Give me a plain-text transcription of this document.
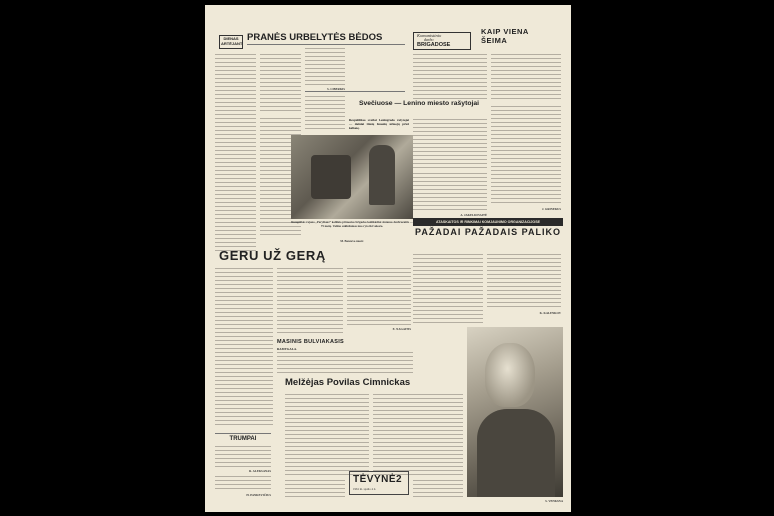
DIENAS ARTĖJANT PRANĖS URBELYTĖS BĖDOS
S. CIBERKIS
Komunistinio
darbo
BRIGADOSE
KAIP VIENA ŠEIMA
J. GRINEKUS
Svečiuose — Lenino miesto rašytojai
Respublikos svečiai Leningrado rašytojai — dainiai šimtų žmonių užmojų prieš kelionę.
A. JAKELIONAITĖ
Rumpiškės rajono „Paryžiaus“ kolūkio pirmosios brigados kolūkiečiai Antanas Ambrazaitis — 75 metų. Valdas suklėdamas nuo ryto iki vakaro.
M. Bancevo nuotr.
ATASKAITOS IR RINKIMAI KOMJAUNIMO ORGANIZACIJOSE
PAŽADAI PAŽADAIS PALIKO
K. KALENKOV
GERU UŽ GERĄ
E. NAGAITIS
MASINIS BULVIAKASIS
RAMYGALA.
TRUMPAI
R. ALEKSANAS
H. PANKEVIČIUS
Melžėjas Povilas Cimnickas
TĖVYNĖ 2
1961 m. spalio 4 d.
S. VENKSNA
